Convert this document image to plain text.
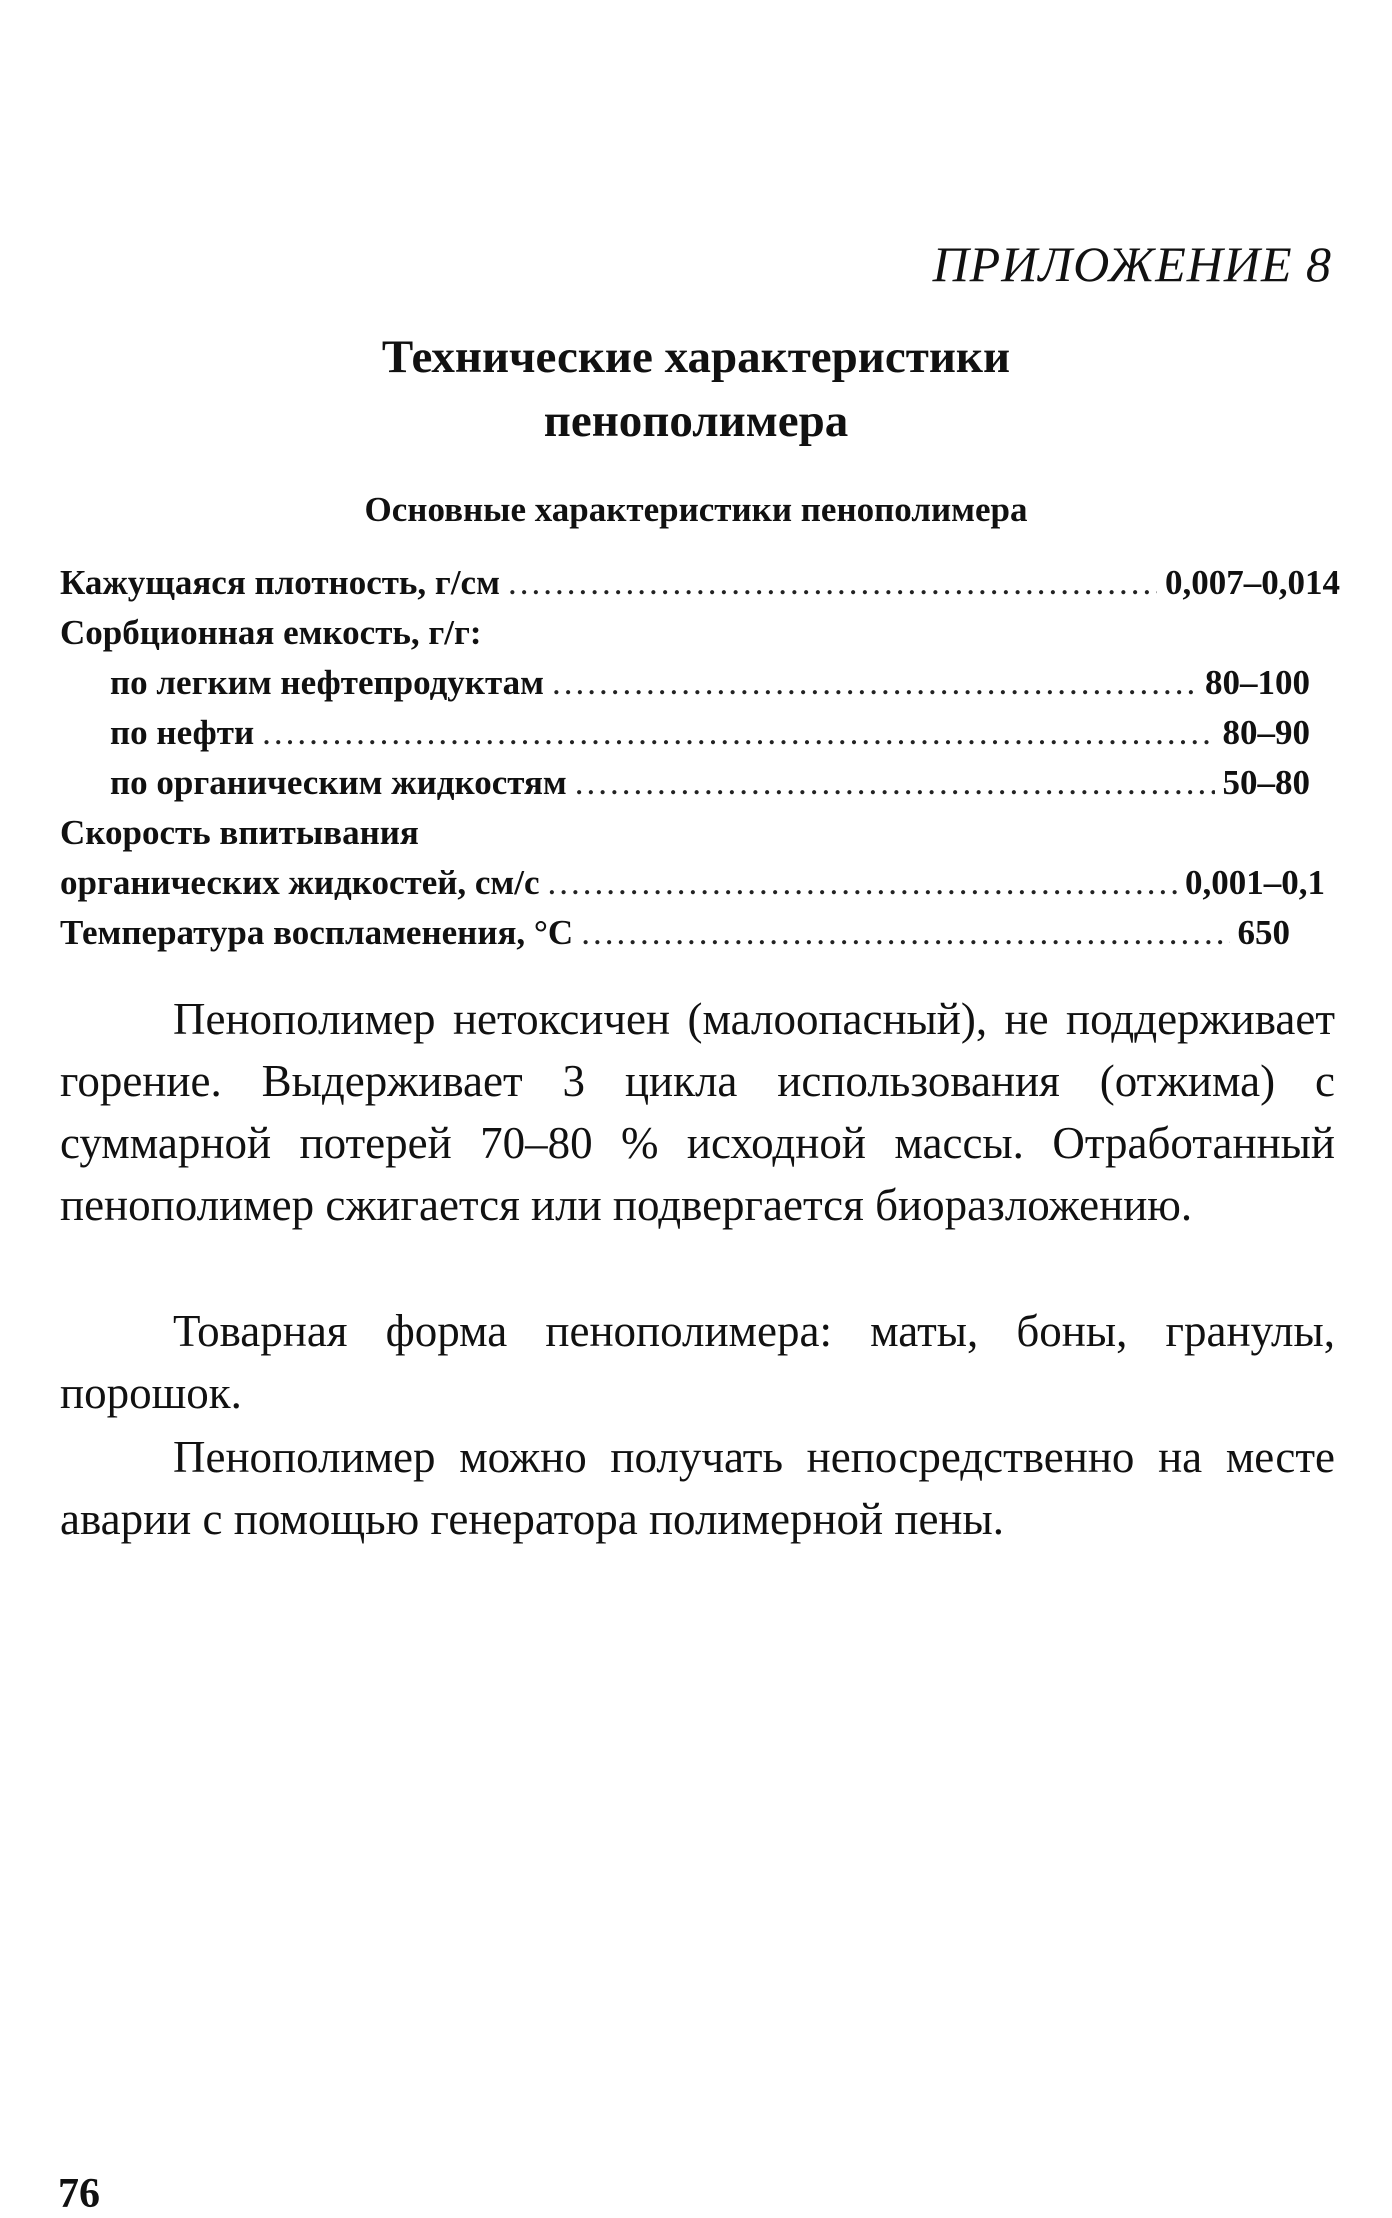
ПРИЛОЖЕНИЕ 8
Технические характеристики
пенополимера
Основные характеристики пенополимера
Кажущаяся плотность, г/см .....	0,007–0,014
Сорбционная емкость, г/г:
по легким нефтепродуктам .....	80–100
по нефти .....	80–90
по органическим жидкостям .....	50–80
Скорость впитывания
органических жидкостей, см/с .....	0,001–0,1
Температура воспламенения, °С .....	650

Пенополимер нетоксичен (малоопасный), не поддерживает горение. Выдерживает 3 цикла использования (отжима) с суммарной потерей 70–80 % исходной массы. Отработанный пенополимер сжигается или подвергается биоразложению.

Товарная форма пенополимера: маты, боны, гранулы, порошок.

Пенополимер можно получать непосредственно на месте аварии с помощью генератора полимерной пены.

76
